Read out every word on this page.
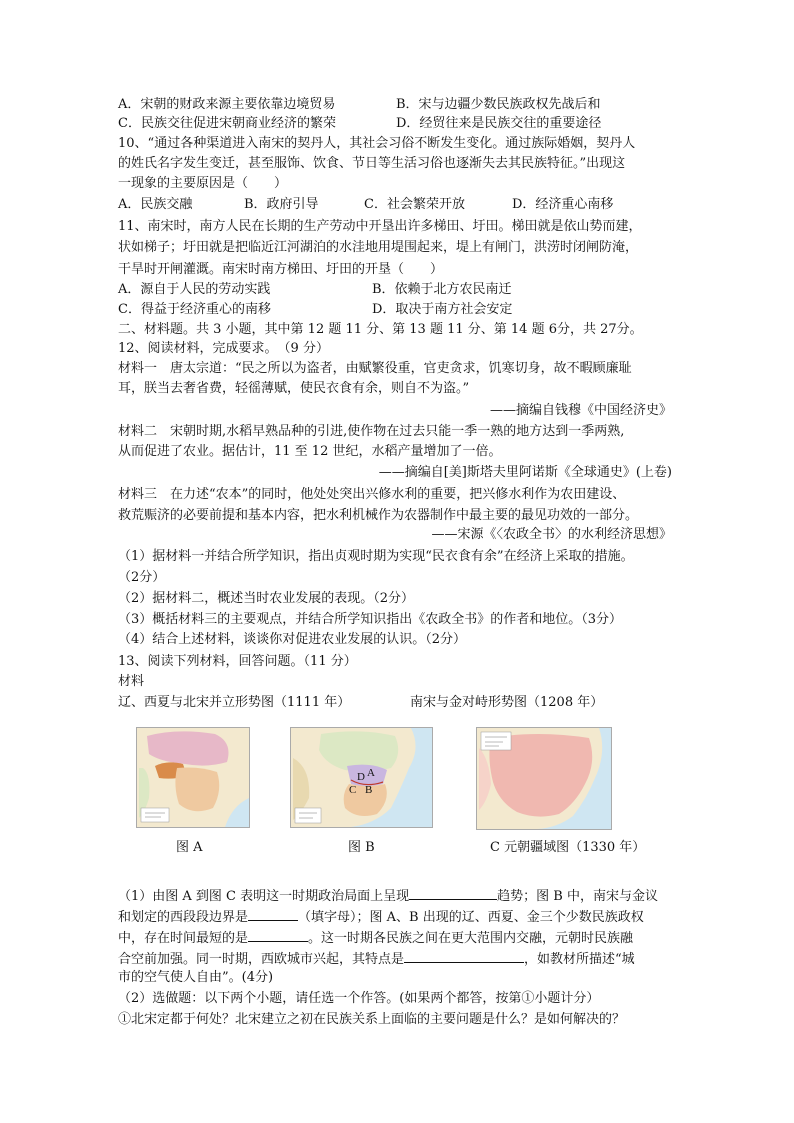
A．宋朝的财政来源主要依靠边境贸易	B．宋与边疆少数民族政权先战后和
C．民族交往促进宋朝商业经济的繁荣	D．经贸往来是民族交往的重要途径
10、“通过各种渠道进入南宋的契丹人，其社会习俗不断发生变化。通过族际婚姻，契丹人
的姓氏名字发生变迁，甚至服饰、饮食、节日等生活习俗也逐渐失去其民族特征。”出现这
一现象的主要原因是（　　）
A．民族交融	B．政府引导	C．社会繁荣开放	D．经济重心南移
11、南宋时，南方人民在长期的生产劳动中开垦出许多梯田、圩田。梯田就是依山势而建，
状如梯子；圩田就是把临近江河湖泊的水洼地用堤围起来，堤上有闸门，洪涝时闭闸防淹，
干旱时开闸灌溉。南宋时南方梯田、圩田的开垦（　　）
A．源自于人民的劳动实践	B．依赖于北方农民南迁
C．得益于经济重心的南移	D．取决于南方社会安定
二、材料题。共 3 小题，其中第 12 题 11 分、第 13 题 11 分、第 14 题 6分，共 27分。
12、阅读材料，完成要求。　（9 分）
材料一　唐太宗道：“民之所以为盗者，由赋繁役重，官吏贪求，饥寒切身，故不暇顾廉耻
耳，朕当去奢省费，轻徭薄赋，使民衣食有余，则自不为盗。”
——摘编自钱穆《中国经济史》
材料二　宋朝时期,水稻早熟品种的引进,使作物在过去只能一季一熟的地方达到一季两熟,
从而促进了农业。据估计，11 至 12 世纪，水稻产量增加了一倍。
——摘编自[美]斯塔夫里阿诺斯《全球通史》(上卷)
材料三　在力述“农本”的同时，他处处突出兴修水利的重要，把兴修水利作为农田建设、
救荒赈济的必要前提和基本内容，把水利机械作为农器制作中最主要的最见功效的一部分。
——宋源《〈农政全书〉的水利经济思想》
（1）据材料一并结合所学知识，指出贞观时期为实现“民衣食有余”在经济上采取的措施。
（2分）
（2）据材料二，概述当时农业发展的表现。（2分）
（3）概括材料三的主要观点，并结合所学知识指出《农政全书》的作者和地位。（3分）
（4）结合上述材料，谈谈你对促进农业发展的认识。（2分）
13、阅读下列材料，回答问题。（11 分）
材料
辽、西夏与北宋并立形势图（1111 年）	南宋与金对峙形势图（1208 年）
A
D
C B
图 A	图 B	C 元朝疆域图（1330 年）
（1）由图 A 到图 C 表明这一时期政治局面上呈现	趋势；图 B 中，南宋与金议
和划定的西段段边界是	（填字母）；图 A、B 出现的辽、西夏、金三个少数民族政权
中，存在时间最短的是	。这一时期各民族之间在更大范围内交融，元朝时民族融
合空前加强。同一时期，西欧城市兴起，其特点是	，如教材所描述“城
市的空气使人自由”。(4分)
（2）选做题：以下两个小题，请任选一个作答。(如果两个都答，按第①小题计分）
①北宋定都于何处？北宋建立之初在民族关系上面临的主要问题是什么？是如何解决的？
